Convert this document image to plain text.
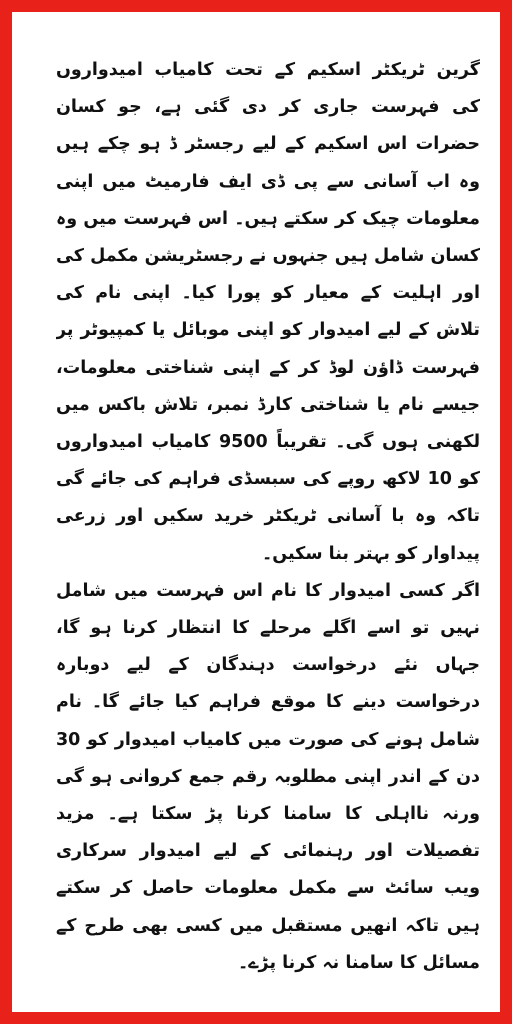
گرین ٹریکٹر اسکیم کے تحت کامیاب امیدواروں کی فہرست جاری کر دی گئی ہے، جو کسان حضرات اس اسکیم کے لیے رجسٹر ڈ ہو چکے ہیں وہ اب آسانی سے پی ڈی ایف فارمیٹ میں اپنی معلومات چیک کر سکتے ہیں۔ اس فہرست میں وہ کسان شامل ہیں جنہوں نے رجسٹریشن مکمل کی اور اہلیت کے معیار کو پورا کیا۔ اپنی نام کی تلاش کے لیے امیدوار کو اپنی موبائل یا کمپیوٹر پر فہرست ڈاؤن لوڈ کر کے اپنی شناختی معلومات، جیسے نام یا شناختی کارڈ نمبر، تلاش باکس میں لکھنی ہوں گی۔ تقریباً 9500 کامیاب امیدواروں کو 10 لاکھ روپے کی سبسڈی فراہم کی جائے گی تاکہ وہ با آسانی ٹریکٹر خرید سکیں اور زرعی پیداوار کو بہتر بنا سکیں۔

اگر کسی امیدوار کا نام اس فہرست میں شامل نہیں تو اسے اگلے مرحلے کا انتظار کرنا ہو گا، جہاں نئے درخواست دہندگان کے لیے دوبارہ درخواست دینے کا موقع فراہم کیا جائے گا۔ نام شامل ہونے کی صورت میں کامیاب امیدوار کو 30 دن کے اندر اپنی مطلوبہ رقم جمع کروانی ہو گی ورنہ نااہلی کا سامنا کرنا پڑ سکتا ہے۔ مزید تفصیلات اور رہنمائی کے لیے امیدوار سرکاری ویب سائٹ سے مکمل معلومات حاصل کر سکتے ہیں تاکہ انھیں مستقبل میں کسی بھی طرح کے مسائل کا سامنا نہ کرنا پڑے۔
